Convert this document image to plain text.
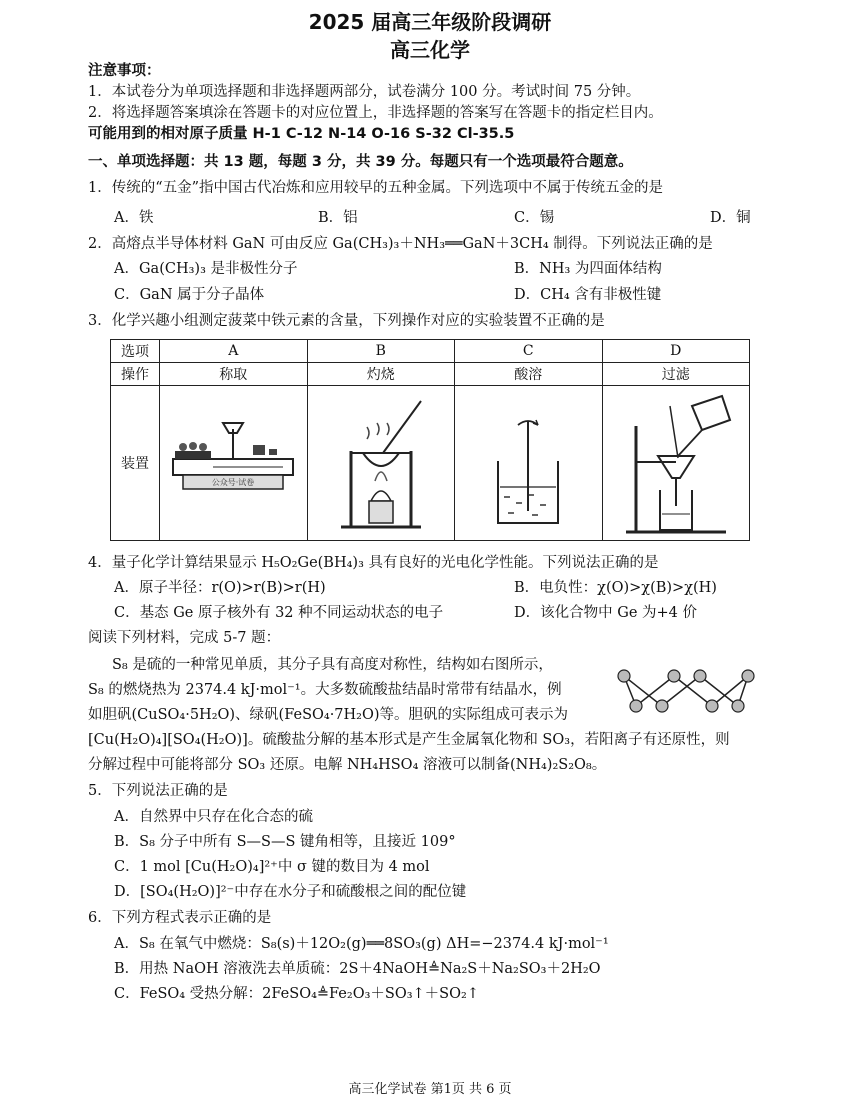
2025 届高三年级阶段调研
高三化学
注意事项：
1．本试卷分为单项选择题和非选择题两部分，试卷满分 100 分。考试时间 75 分钟。
2．将选择题答案填涂在答题卡的对应位置上，非选择题的答案写在答题卡的指定栏目内。
可能用到的相对原子质量 H-1 C-12 N-14 O-16 S-32 Cl-35.5
一、单项选择题：共 13 题，每题 3 分，共 39 分。每题只有一个选项最符合题意。
1．传统的“五金”指中国古代冶炼和应用较早的五种金属。下列选项中不属于传统五金的是
A．铁	B．铝	C．锡	D．铜
2．高熔点半导体材料 GaN 可由反应 Ga(CH₃)₃＋NH₃══GaN＋3CH₄ 制得。下列说法正确的是
A．Ga(CH₃)₃ 是非极性分子	B．NH₃ 为四面体结构
C．GaN 属于分子晶体	D．CH₄ 含有非极性键
3．化学兴趣小组测定菠菜中铁元素的含量，下列操作对应的实验装置不正确的是
选项	A	B	C	D
操作	称取	灼烧	酸溶	过滤
装置	公众号·试卷

4．量子化学计算结果显示 H₅O₂Ge(BH₄)₃ 具有良好的光电化学性能。下列说法正确的是
A．原子半径：r(O)>r(B)>r(H)	B．电负性：χ(O)>χ(B)>χ(H)
C．基态 Ge 原子核外有 32 种不同运动状态的电子	D．该化合物中 Ge 为+4 价
阅读下列材料，完成 5-7 题：
S₈ 是硫的一种常见单质，其分子具有高度对称性，结构如右图所示，
S₈ 的燃烧热为 2374.4 kJ·mol⁻¹。大多数硫酸盐结晶时常带有结晶水，例
如胆矾(CuSO₄·5H₂O)、绿矾(FeSO₄·7H₂O)等。胆矾的实际组成可表示为
[Cu(H₂O)₄][SO₄(H₂O)]。硫酸盐分解的基本形式是产生金属氧化物和 SO₃，若阳离子有还原性，则
分解过程中可能将部分 SO₃ 还原。电解 NH₄HSO₄ 溶液可以制备(NH₄)₂S₂O₈。
5．下列说法正确的是
A．自然界中只存在化合态的硫
B．S₈ 分子中所有 S—S—S 键角相等，且接近 109°
C．1 mol [Cu(H₂O)₄]²⁺中 σ 键的数目为 4 mol
D．[SO₄(H₂O)]²⁻中存在水分子和硫酸根之间的配位键
6．下列方程式表示正确的是
A．S₈ 在氧气中燃烧：S₈(s)＋12O₂(g)══8SO₃(g) ΔH=−2374.4 kJ·mol⁻¹
B．用热 NaOH 溶液洗去单质硫：2S＋4NaOH≜Na₂S＋Na₂SO₃＋2H₂O
C．FeSO₄ 受热分解：2FeSO₄≜Fe₂O₃＋SO₃↑＋SO₂↑
高三化学试卷 第1页 共 6 页
